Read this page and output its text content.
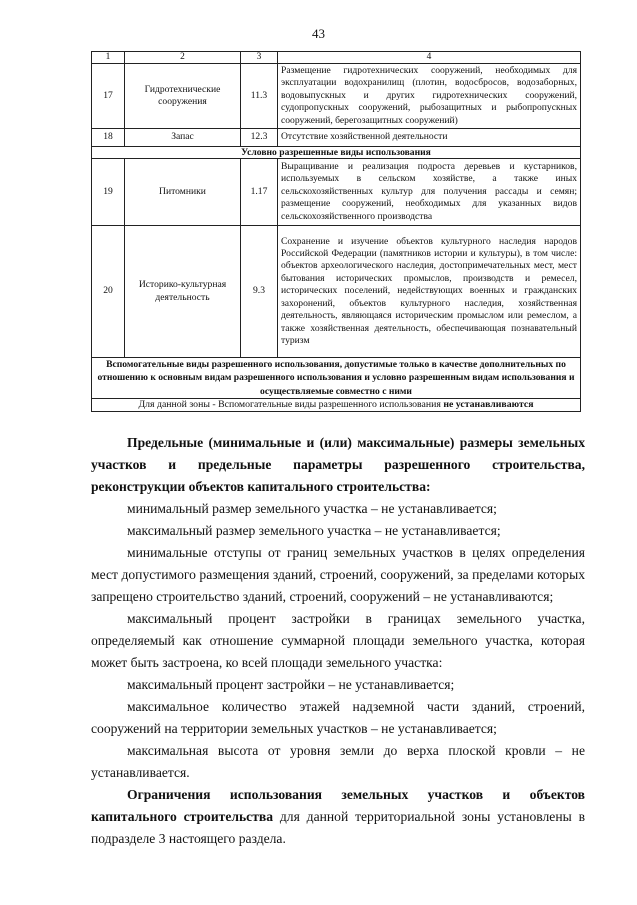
43
1	2	3	4
17	Гидротехнические сооружения	11.3	Размещение гидротехнических сооружений, необходимых для эксплуатации водохранилищ (плотин, водосбросов, водозаборных, водовыпускных и других гидротехнических сооружений, судопропускных сооружений, рыбозащитных и рыбопропускных сооружений, берегозащитных сооружений)
18	Запас	12.3	Отсутствие хозяйственной деятельности
Условно разрешенные виды использования			
19	Питомники	1.17	Выращивание и реализация подроста деревьев и кустарников, используемых в сельском хозяйстве, а также иных сельскохозяйственных культур для получения рассады и семян; размещение сооружений, необходимых для указанных видов сельскохозяйственного производства
20	Историко-культурная деятельность	9.3	Сохранение и изучение объектов культурного наследия народов Российской Федерации (памятников истории и культуры), в том числе: объектов археологического наследия, достопримечательных мест, мест бытования исторических промыслов, производств и ремесел, исторических поселений, недействующих военных и гражданских захоронений, объектов культурного наследия, хозяйственная деятельность, являющаяся историческим промыслом или ремеслом, а также хозяйственная деятельность, обеспечивающая познавательный туризм
Вспомогательные виды разрешенного использования, допустимые только в качестве дополнительных по отношению к основным видам разрешенного использования и условно разрешенным видам использования и осуществляемые совместно с ними			
Для данной зоны - Вспомогательные виды разрешенного использования не устанавливаются			

Предельные (минимальные и (или) максимальные) размеры земельных участков и предельные параметры разрешенного строительства, реконструкции объектов капитального строительства:

минимальный размер земельного участка – не устанавливается;

максимальный размер земельного участка – не устанавливается;

минимальные отступы от границ земельных участков в целях определения мест допустимого размещения зданий, строений, сооружений, за пределами которых запрещено строительство зданий, строений, сооружений – не устанавливаются;

максимальный процент застройки в границах земельного участка, определяемый как отношение суммарной площади земельного участка, которая может быть застроена, ко всей площади земельного участка:

максимальный процент застройки – не устанавливается;

максимальное количество этажей надземной части зданий, строений, сооружений на территории земельных участков – не устанавливается;

максимальная высота от уровня земли до верха плоской кровли – не устанавливается.

Ограничения использования земельных участков и объектов капитального строительства для данной территориальной зоны установлены в подразделе 3 настоящего раздела.
